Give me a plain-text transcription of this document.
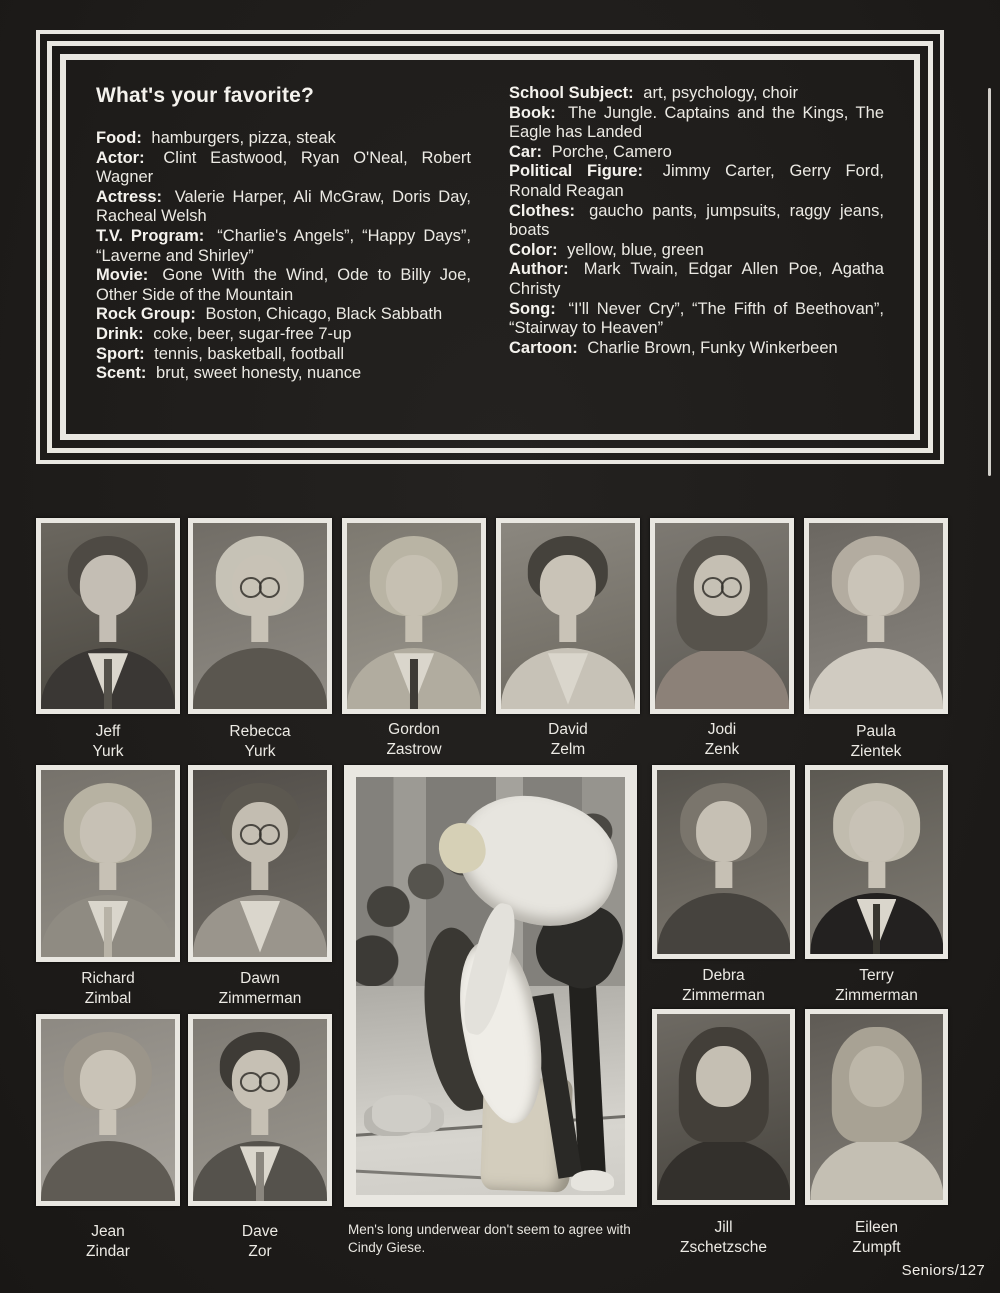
What's your favorite?

Food: hamburgers, pizza, steak

Actor: Clint Eastwood, Ryan O'Neal, Robert Wagner

Actress: Valerie Harper, Ali McGraw, Doris Day, Racheal Welsh

T.V. Program: “Charlie's Angels”, “Happy Days”, “Laverne and Shirley”

Movie: Gone With the Wind, Ode to Billy Joe, Other Side of the Mountain

Rock Group: Boston, Chicago, Black Sabbath

Drink: coke, beer, sugar-free 7-up

Sport: tennis, basketball, football

Scent: brut, sweet honesty, nuance

School Subject: art, psychology, choir

Book: The Jungle. Captains and the Kings, The Eagle has Landed

Car: Porche, Camero

Political Figure: Jimmy Carter, Gerry Ford, Ronald Reagan

Clothes: gaucho pants, jumpsuits, raggy jeans, boats

Color: yellow, blue, green

Author: Mark Twain, Edgar Allen Poe, Agatha Christy

Song: “I'll Never Cry”, “The Fifth of Beethovan”, “Stairway to Heaven”

Cartoon: Charlie Brown, Funky Winkerbeen

Jeff
Yurk
Rebecca
Yurk
Gordon
Zastrow
David
Zelm
Jodi
Zenk
Paula
Zientek
Richard
Zimbal
Dawn
Zimmerman
Debra
Zimmerman
Terry
Zimmerman
Jean
Zindar
Dave
Zor
Jill
Zschetzsche
Eileen
Zumpft
Men's long underwear don't seem to agree with Cindy Giese.
Seniors/127
